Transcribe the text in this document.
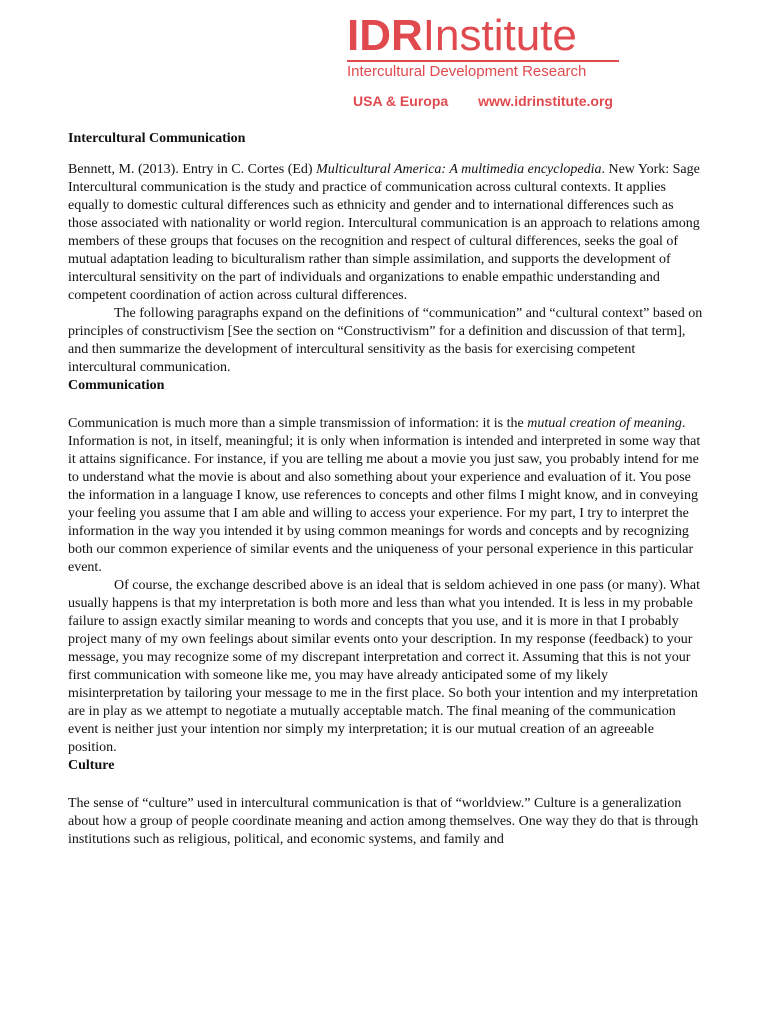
IDRInstitute
Intercultural Development Research
USA & Europa www.idrinstitute.org
Intercultural Communication

Bennett, M. (2013). Entry in C. Cortes (Ed) Multicultural America: A multimedia encyclopedia. New York: Sage

Intercultural communication is the study and practice of communication across cultural contexts. It applies equally to domestic cultural differences such as ethnicity and gender and to international differences such as those associated with nationality or world region. Intercultural communication is an approach to relations among members of these groups that focuses on the recognition and respect of cultural differences, seeks the goal of mutual adaptation leading to biculturalism rather than simple assimilation, and supports the development of intercultural sensitivity on the part of individuals and organizations to enable empathic understanding and competent coordination of action across cultural differences.

The following paragraphs expand on the definitions of “communication” and “cultural context” based on principles of constructivism [See the section on “Constructivism” for a definition and discussion of that term], and then summarize the development of intercultural sensitivity as the basis for exercising competent intercultural communication.

Communication

Communication is much more than a simple transmission of information: it is the mutual creation of meaning. Information is not, in itself, meaningful; it is only when information is intended and interpreted in some way that it attains significance. For instance, if you are telling me about a movie you just saw, you probably intend for me to understand what the movie is about and also something about your experience and evaluation of it. You pose the information in a language I know, use references to concepts and other films I might know, and in conveying your feeling you assume that I am able and willing to access your experience. For my part, I try to interpret the information in the way you intended it by using common meanings for words and concepts and by recognizing both our common experience of similar events and the uniqueness of your personal experience in this particular event.

Of course, the exchange described above is an ideal that is seldom achieved in one pass (or many). What usually happens is that my interpretation is both more and less than what you intended. It is less in my probable failure to assign exactly similar meaning to words and concepts that you use, and it is more in that I probably project many of my own feelings about similar events onto your description. In my response (feedback) to your message, you may recognize some of my discrepant interpretation and correct it. Assuming that this is not your first communication with someone like me, you may have already anticipated some of my likely misinterpretation by tailoring your message to me in the first place. So both your intention and my interpretation are in play as we attempt to negotiate a mutually acceptable match. The final meaning of the communication event is neither just your intention nor simply my interpretation; it is our mutual creation of an agreeable position.

Culture

The sense of “culture” used in intercultural communication is that of “worldview.” Culture is a generalization about how a group of people coordinate meaning and action among themselves. One way they do that is through institutions such as religious, political, and economic systems, and family and
